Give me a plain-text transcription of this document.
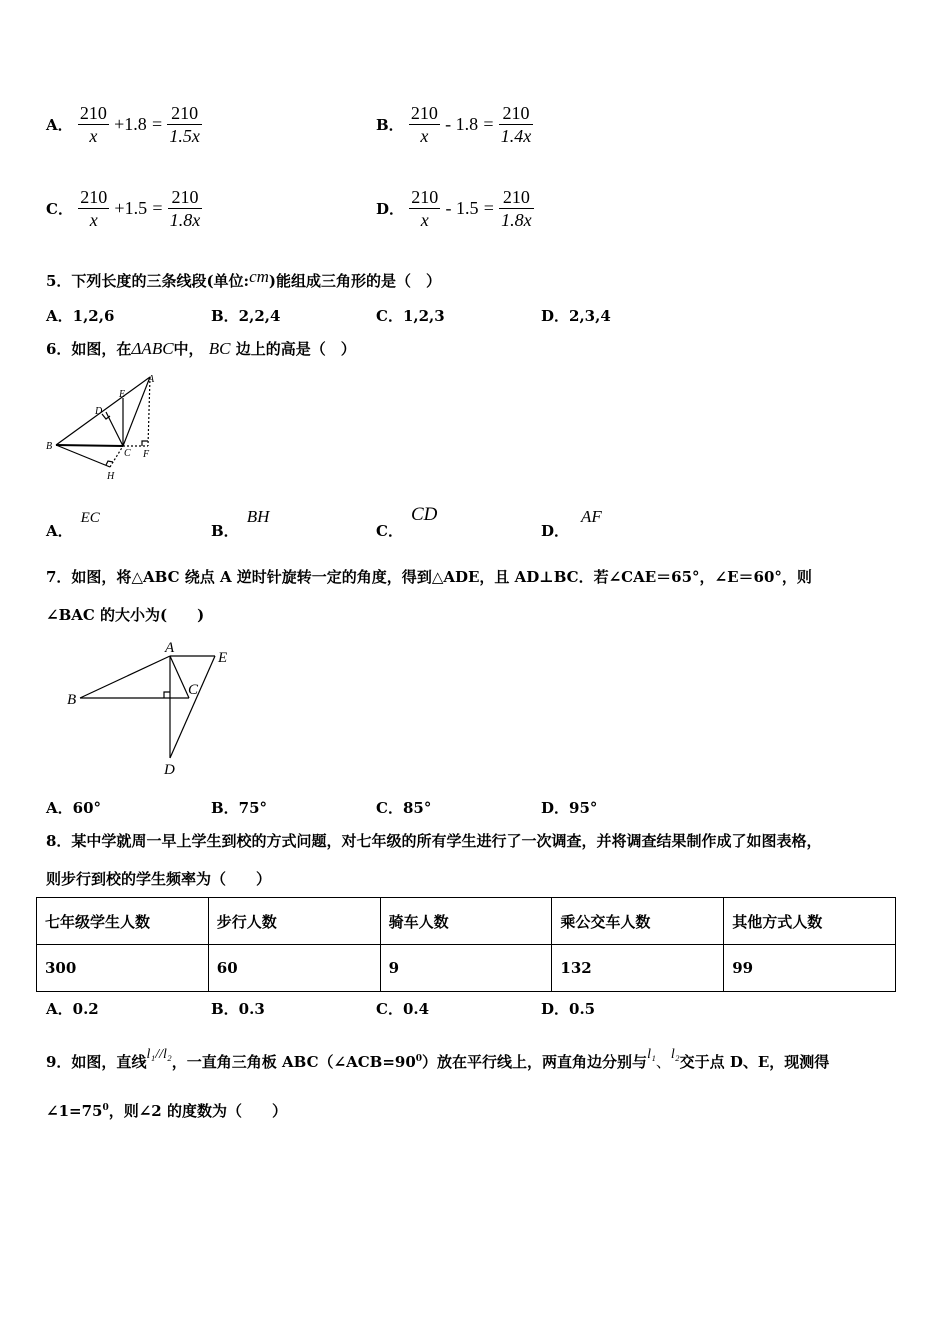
A． $\frac{210}{x} +1.8 = \frac{210}{1.5x}$	B． $\frac{210}{x} - 1.8 = \frac{210}{1.4x}$
C． $\frac{210}{x} +1.5 = \frac{210}{1.8x}$	D． $\frac{210}{x} - 1.5 = \frac{210}{1.8x}$
5．下列长度的三条线段(单位:cm)能组成三角形的是（　）
A．1,2,6	B．2,2,4	C．1,2,3	D．2,3,4
6．如图，在ΔABC中， BC 边上的高是（　）
A
B
C
D
E
F
H
A．EC
B．BH
C．CD
D．AF
7．如图，将△ABC 绕点 A 逆时针旋转一定的角度，得到△ADE，且 AD⊥BC．若∠CAE＝65°，∠E＝60°，则
∠BAC 的大小为(　　)
A
B
C
D
E
A．60°	B．75°	C．85°	D．95°
8．某中学就周一早上学生到校的方式问题，对七年级的所有学生进行了一次调查，并将调查结果制作成了如图表格，
则步行到校的学生频率为（　　）
七年级学生人数	步行人数	骑车人数	乘公交车人数	其他方式人数
300	60	9	132	99
A．0.2	B．0.3	C．0.4	D．0.5
9．如图，直线l₁//l₂，一直角三角板 $ABC(\angle ACB=90^0)$放在平行线上，两直角边分别与l₁、l₂交于点 D、E，现测得
$\angle 1=75^0$，则∠2 的度数为（　　）
